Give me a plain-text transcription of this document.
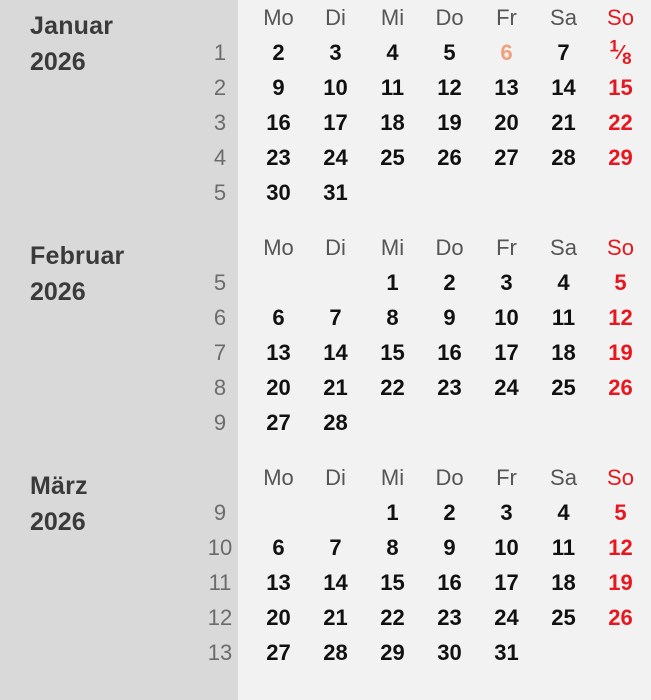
Januar
2026
	Mo	Di	Mi	Do	Fr	Sa	So
1	2	3	4	5	6	7	$^1⁄_8$
2	9	10	11	12	13	14	15
3	16	17	18	19	20	21	22
4	23	24	25	26	27	28	29
5	30	31					
Februar
2026
	Mo	Di	Mi	Do	Fr	Sa	So
5			1	2	3	4	5
6	6	7	8	9	10	11	12
7	13	14	15	16	17	18	19
8	20	21	22	23	24	25	26
9	27	28					
März
2026
	Mo	Di	Mi	Do	Fr	Sa	So
9			1	2	3	4	5
10	6	7	8	9	10	11	12
11	13	14	15	16	17	18	19
12	20	21	22	23	24	25	26
13	27	28	29	30	31		
